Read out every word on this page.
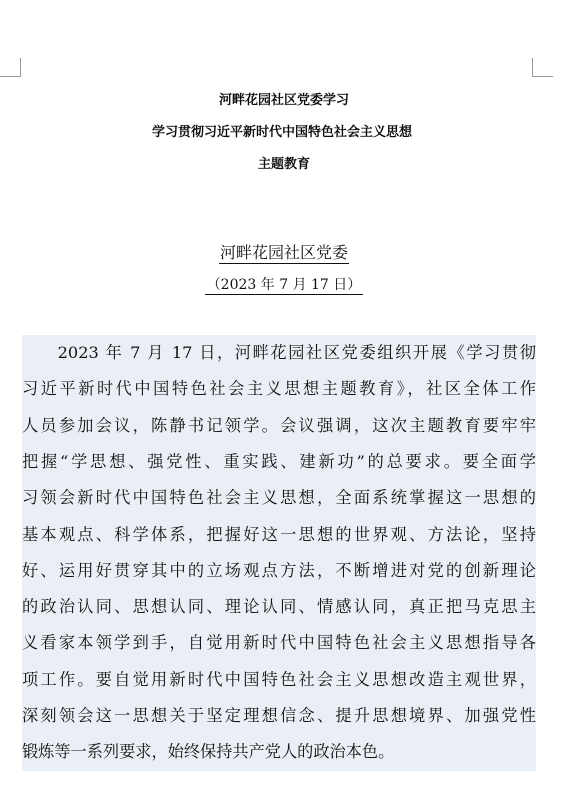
河畔花园社区党委学习
学习贯彻习近平新时代中国特色社会主义思想
主题教育
河畔花园社区党委
（2023 年 7 月 17 日）
　　2023 年 7 月 17 日，河畔花园社区党委组织开展《学习贯彻
习近平新时代中国特色社会主义思想主题教育》，社区全体工作
人员参加会议，陈静书记领学。会议强调，这次主题教育要牢牢
把握“学思想、强党性、重实践、建新功”的总要求。要全面学
习领会新时代中国特色社会主义思想，全面系统掌握这一思想的
基本观点、科学体系，把握好这一思想的世界观、方法论，坚持
好、运用好贯穿其中的立场观点方法，不断增进对党的创新理论
的政治认同、思想认同、理论认同、情感认同，真正把马克思主
义看家本领学到手，自觉用新时代中国特色社会主义思想指导各
项工作。要自觉用新时代中国特色社会主义思想改造主观世界，
深刻领会这一思想关于坚定理想信念、提升思想境界、加强党性
锻炼等一系列要求，始终保持共产党人的政治本色。
